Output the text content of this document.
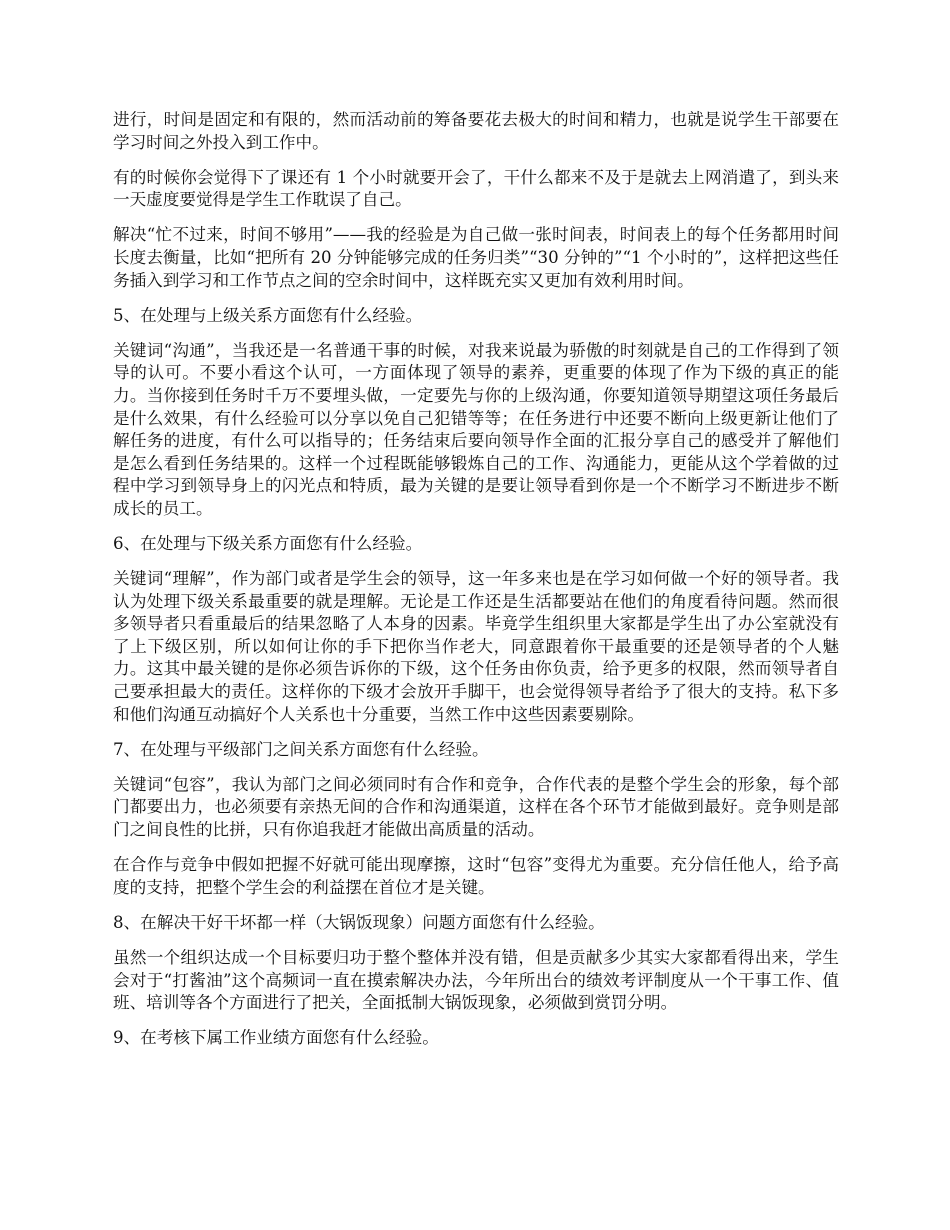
进行，时间是固定和有限的，然而活动前的筹备要花去极大的时间和精力，也就是说学生干部要在学习时间之外投入到工作中。

有的时候你会觉得下了课还有 1 个小时就要开会了，干什么都来不及于是就去上网消遣了，到头来一天虚度要觉得是学生工作耽误了自己。

解决“忙不过来，时间不够用”——我的经验是为自己做一张时间表，时间表上的每个任务都用时间长度去衡量，比如“把所有 20 分钟能够完成的任务归类”“30 分钟的”“1 个小时的”，这样把这些任务插入到学习和工作节点之间的空余时间中，这样既充实又更加有效利用时间。

5、在处理与上级关系方面您有什么经验。

关键词“沟通”，当我还是一名普通干事的时候，对我来说最为骄傲的时刻就是自己的工作得到了领导的认可。不要小看这个认可，一方面体现了领导的素养，更重要的体现了作为下级的真正的能力。当你接到任务时千万不要埋头做，一定要先与你的上级沟通，你要知道领导期望这项任务最后是什么效果，有什么经验可以分享以免自己犯错等等；在任务进行中还要不断向上级更新让他们了解任务的进度，有什么可以指导的；任务结束后要向领导作全面的汇报分享自己的感受并了解他们是怎么看到任务结果的。这样一个过程既能够锻炼自己的工作、沟通能力，更能从这个学着做的过程中学习到领导身上的闪光点和特质，最为关键的是要让领导看到你是一个不断学习不断进步不断成长的员工。

6、在处理与下级关系方面您有什么经验。

关键词“理解”，作为部门或者是学生会的领导，这一年多来也是在学习如何做一个好的领导者。我认为处理下级关系最重要的就是理解。无论是工作还是生活都要站在他们的角度看待问题。然而很多领导者只看重最后的结果忽略了人本身的因素。毕竟学生组织里大家都是学生出了办公室就没有了上下级区别，所以如何让你的手下把你当作老大，同意跟着你干最重要的还是领导者的个人魅力。这其中最关键的是你必须告诉你的下级，这个任务由你负责，给予更多的权限，然而领导者自己要承担最大的责任。这样你的下级才会放开手脚干，也会觉得领导者给予了很大的支持。私下多和他们沟通互动搞好个人关系也十分重要，当然工作中这些因素要剔除。

7、在处理与平级部门之间关系方面您有什么经验。

关键词“包容”，我认为部门之间必须同时有合作和竞争，合作代表的是整个学生会的形象，每个部门都要出力，也必须要有亲热无间的合作和沟通渠道，这样在各个环节才能做到最好。竞争则是部门之间良性的比拼，只有你追我赶才能做出高质量的活动。

在合作与竞争中假如把握不好就可能出现摩擦，这时“包容”变得尤为重要。充分信任他人，给予高度的支持，把整个学生会的利益摆在首位才是关键。

8、在解决干好干坏都一样（大锅饭现象）问题方面您有什么经验。

虽然一个组织达成一个目标要归功于整个整体并没有错，但是贡献多少其实大家都看得出来，学生会对于“打酱油”这个高频词一直在摸索解决办法，今年所出台的绩效考评制度从一个干事工作、值班、培训等各个方面进行了把关，全面抵制大锅饭现象，必须做到赏罚分明。

9、在考核下属工作业绩方面您有什么经验。
